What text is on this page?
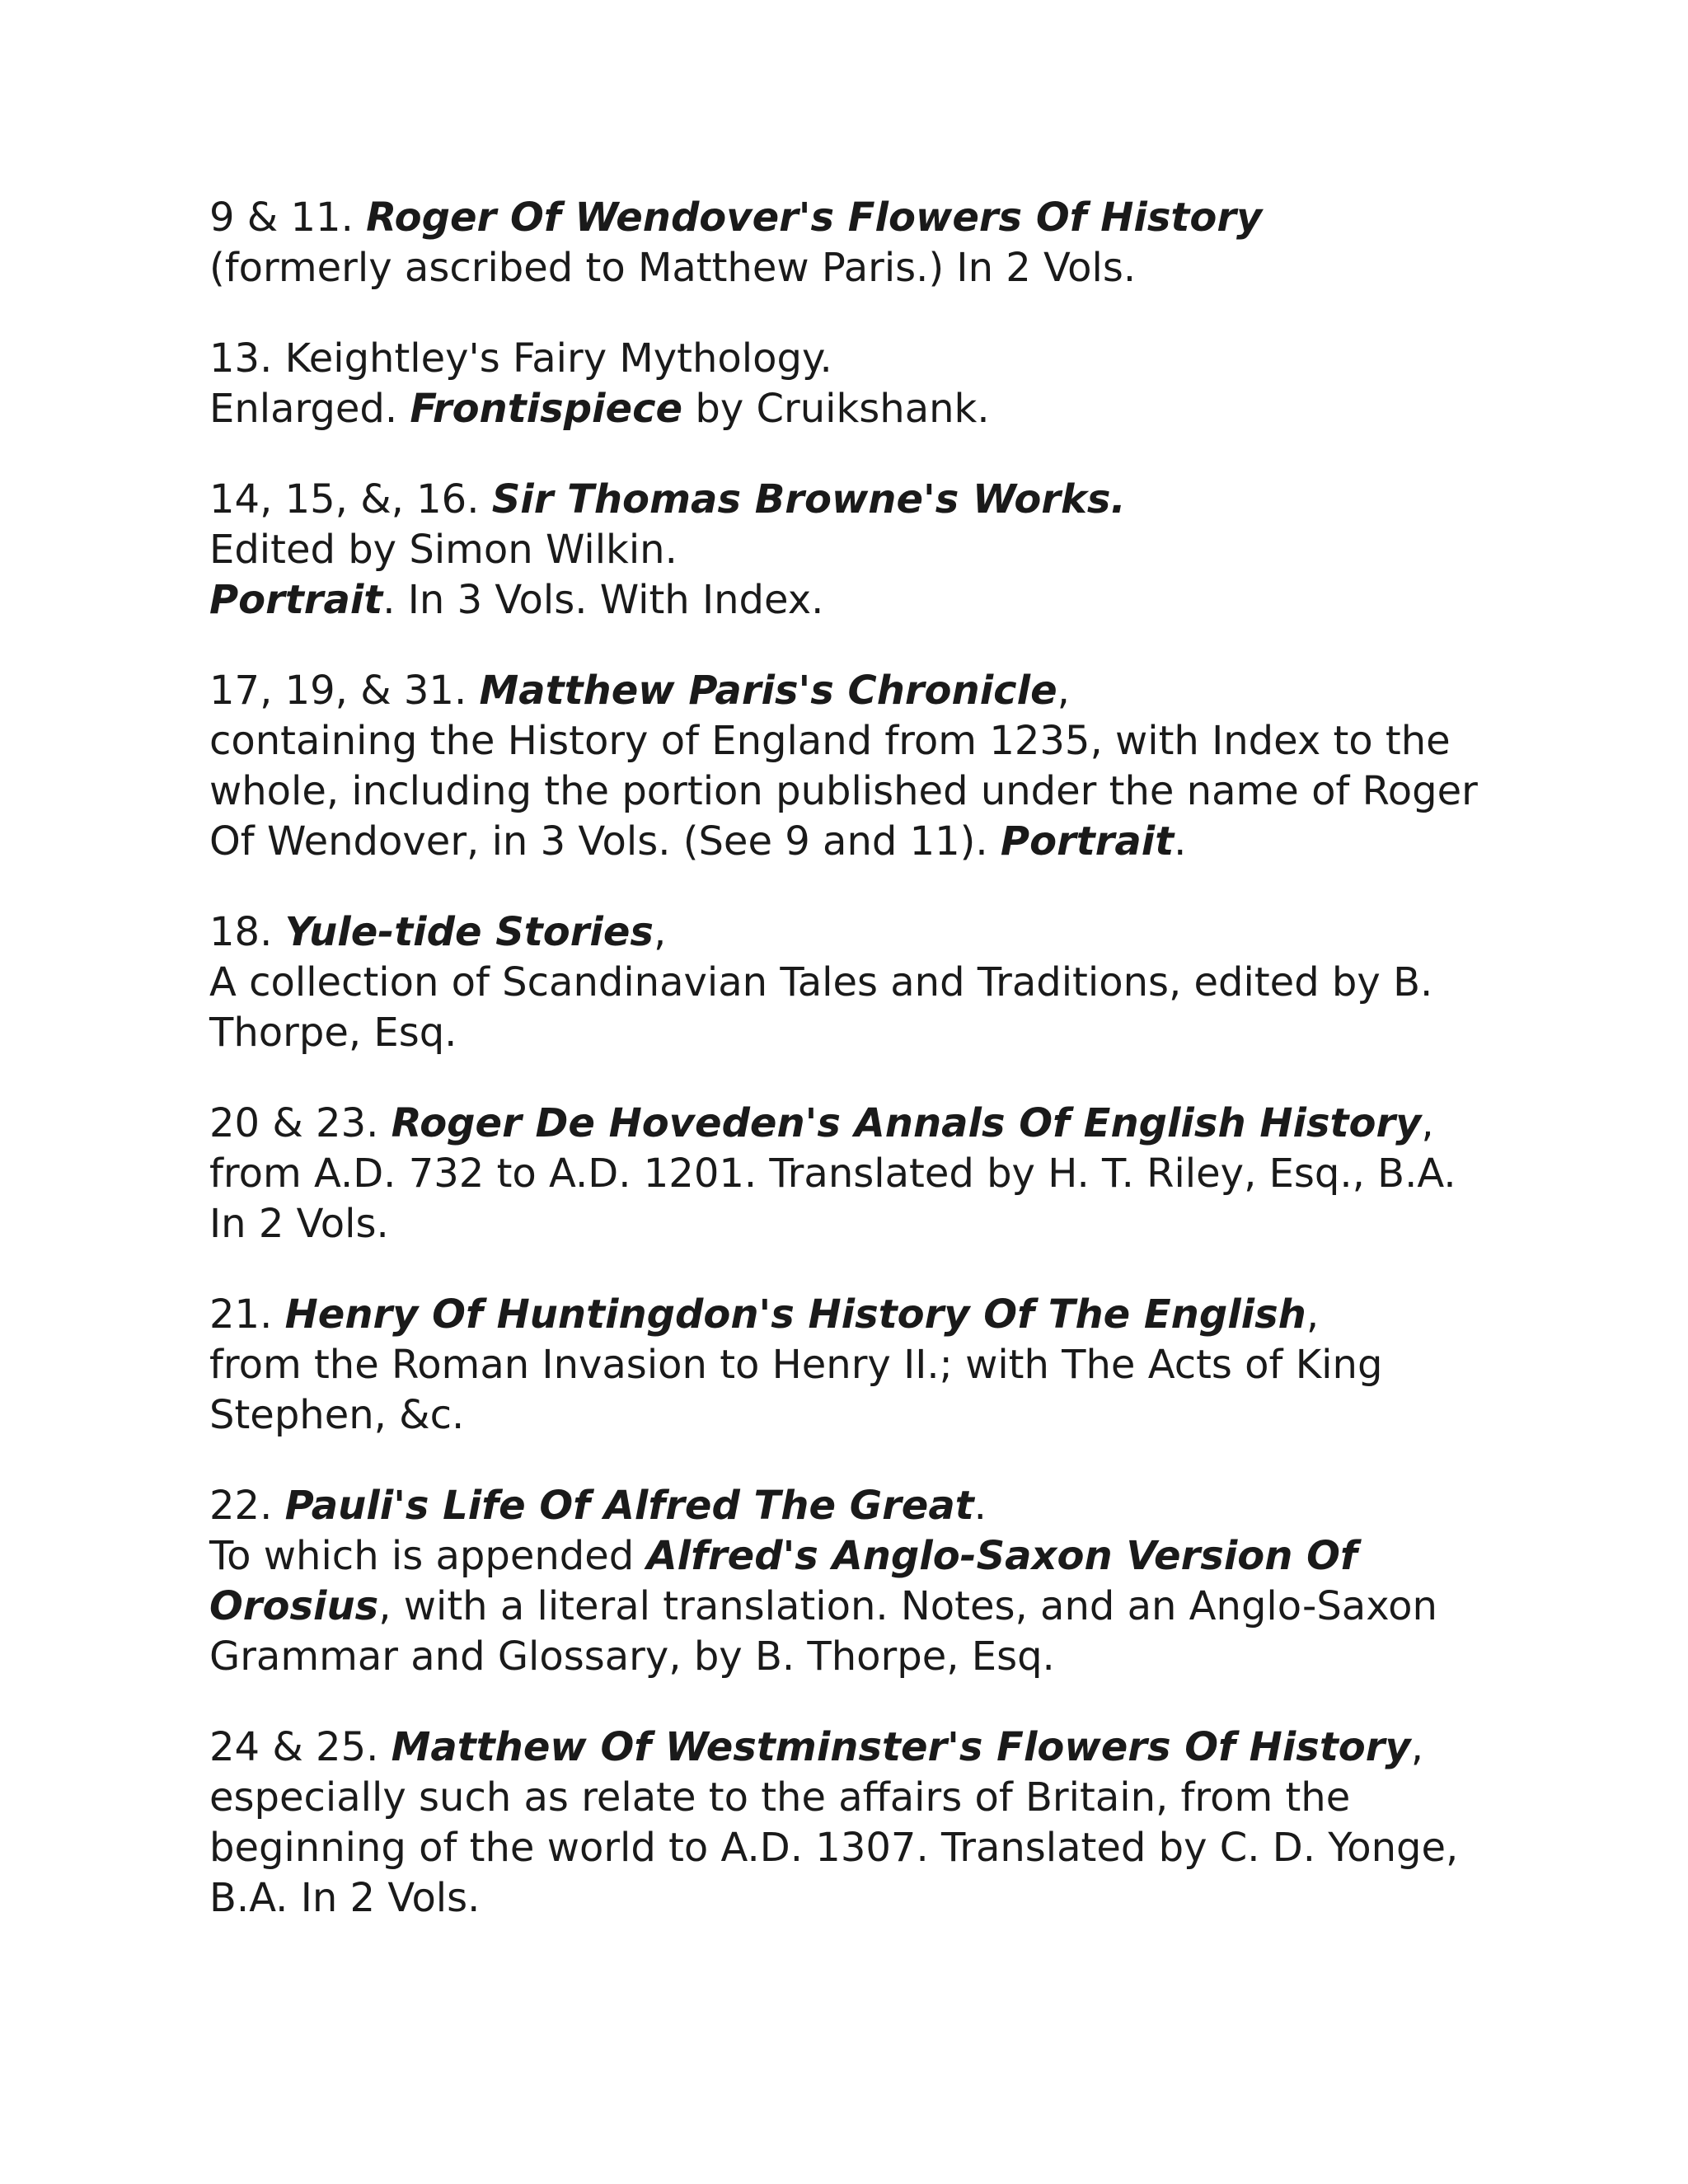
9 & 11. Roger Of Wendover's Flowers Of History
(formerly ascribed to Matthew Paris.) In 2 Vols.
13. Keightley's Fairy Mythology.
Enlarged. Frontispiece by Cruikshank.
14, 15, &, 16. Sir Thomas Browne's Works.
Edited by Simon Wilkin.
Portrait. In 3 Vols. With Index.
17, 19, & 31. Matthew Paris's Chronicle,
containing the History of England from 1235, with Index to the whole, including the portion published under the name of Roger Of Wendover, in 3 Vols. (See 9 and 11). Portrait.
18. Yule-tide Stories,
A collection of Scandinavian Tales and Traditions, edited by B. Thorpe, Esq.
20 & 23. Roger De Hoveden's Annals Of English History, from A.D. 732 to A.D. 1201. Translated by H. T. Riley, Esq., B.A. In 2 Vols.
21. Henry Of Huntingdon's History Of The English,
from the Roman Invasion to Henry II.; with The Acts of King Stephen, &c.
22. Pauli's Life Of Alfred The Great.
To which is appended Alfred's Anglo-Saxon Version Of Orosius, with a literal translation. Notes, and an Anglo-Saxon Grammar and Glossary, by B. Thorpe, Esq.
24 & 25. Matthew Of Westminster's Flowers Of History,
especially such as relate to the affairs of Britain, from the beginning of the world to A.D. 1307. Translated by C. D. Yonge, B.A. In 2 Vols.
